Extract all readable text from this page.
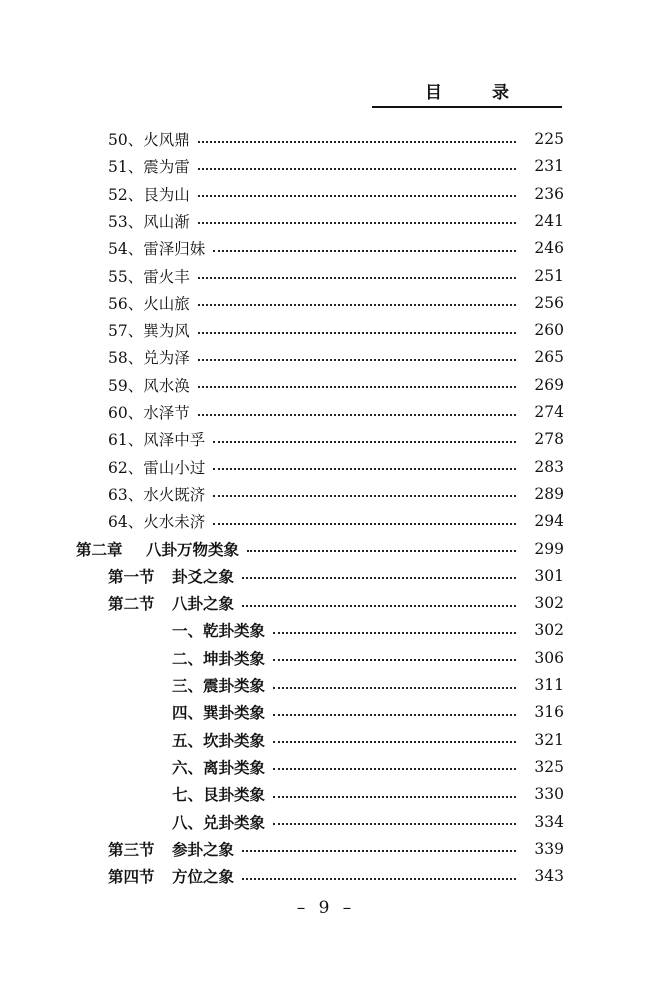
目 录
50、火风鼎	225
51、震为雷	231
52、艮为山	236
53、风山渐	241
54、雷泽归妹	246
55、雷火丰	251
56、火山旅	256
57、巽为风	260
58、兑为泽	265
59、风水涣	269
60、水泽节	274
61、风泽中孚	278
62、雷山小过	283
63、水火既济	289
64、火水未济	294
第二章	八卦万物类象	299
第一节	卦爻之象	301
第二节	八卦之象	302
一、乾卦类象	302
二、坤卦类象	306
三、震卦类象	311
四、巽卦类象	316
五、坎卦类象	321
六、离卦类象	325
七、艮卦类象	330
八、兑卦类象	334
第三节	参卦之象	339
第四节	方位之象	343
– 9 –
